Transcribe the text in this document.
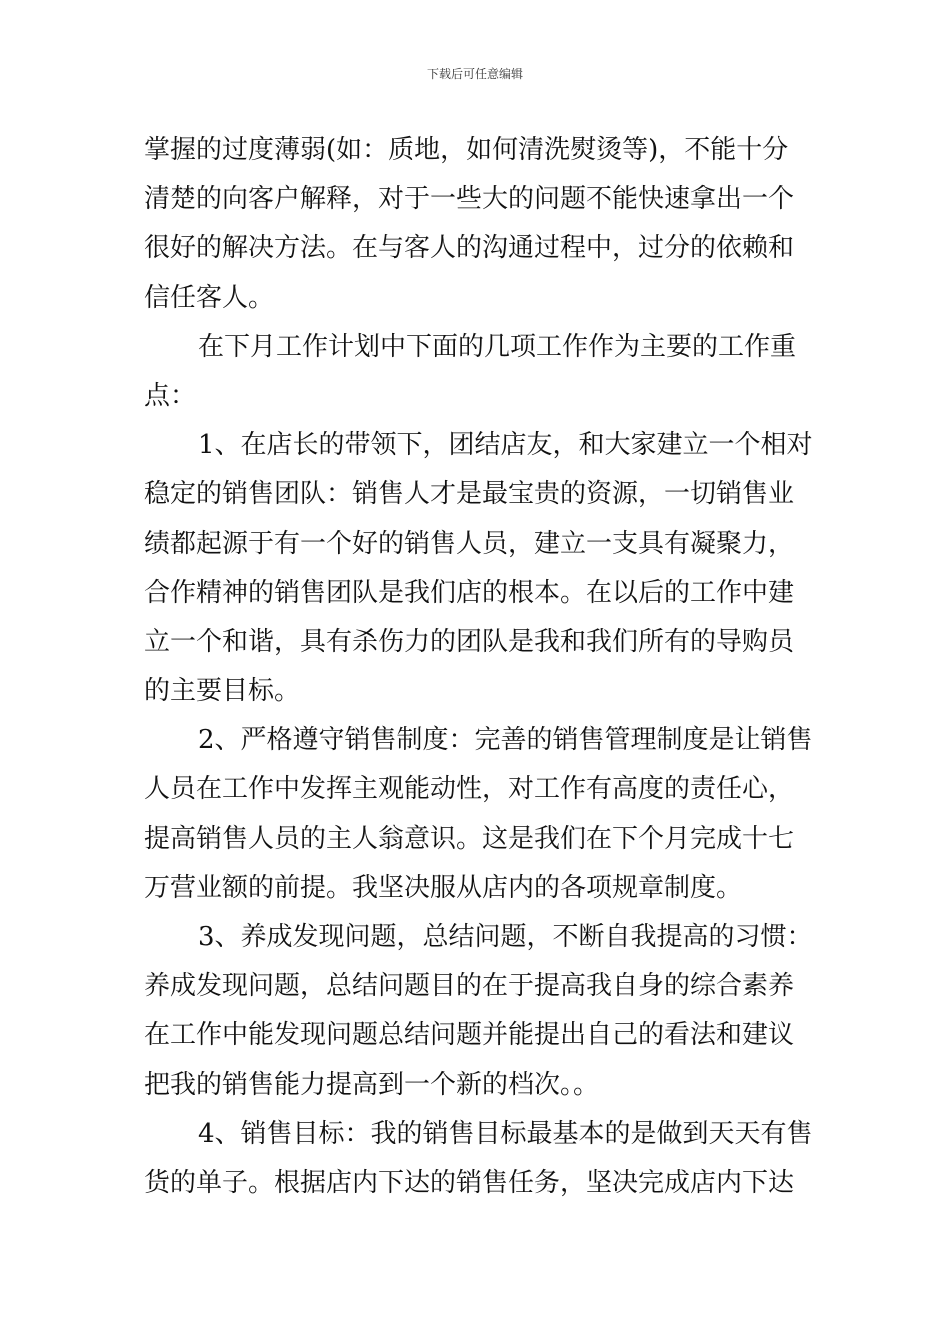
下载后可任意编辑
掌握的过度薄弱(如：质地，如何清洗熨烫等)，不能十分
清楚的向客户解释，对于一些大的问题不能快速拿出一个
很好的解决方法。在与客人的沟通过程中，过分的依赖和
信任客人。
在下月工作计划中下面的几项工作作为主要的工作重
点：
1、在店长的带领下，团结店友，和大家建立一个相对
稳定的销售团队：销售人才是最宝贵的资源，一切销售业
绩都起源于有一个好的销售人员，建立一支具有凝聚力，
合作精神的销售团队是我们店的根本。在以后的工作中建
立一个和谐，具有杀伤力的团队是我和我们所有的导购员
的主要目标。
2、严格遵守销售制度：完善的销售管理制度是让销售
人员在工作中发挥主观能动性，对工作有高度的责任心，
提高销售人员的主人翁意识。这是我们在下个月完成十七
万营业额的前提。我坚决服从店内的各项规章制度。
3、养成发现问题，总结问题，不断自我提高的习惯：
养成发现问题，总结问题目的在于提高我自身的综合素养
在工作中能发现问题总结问题并能提出自己的看法和建议
把我的销售能力提高到一个新的档次。。
4、销售目标：我的销售目标最基本的是做到天天有售
货的单子。根据店内下达的销售任务，坚决完成店内下达
